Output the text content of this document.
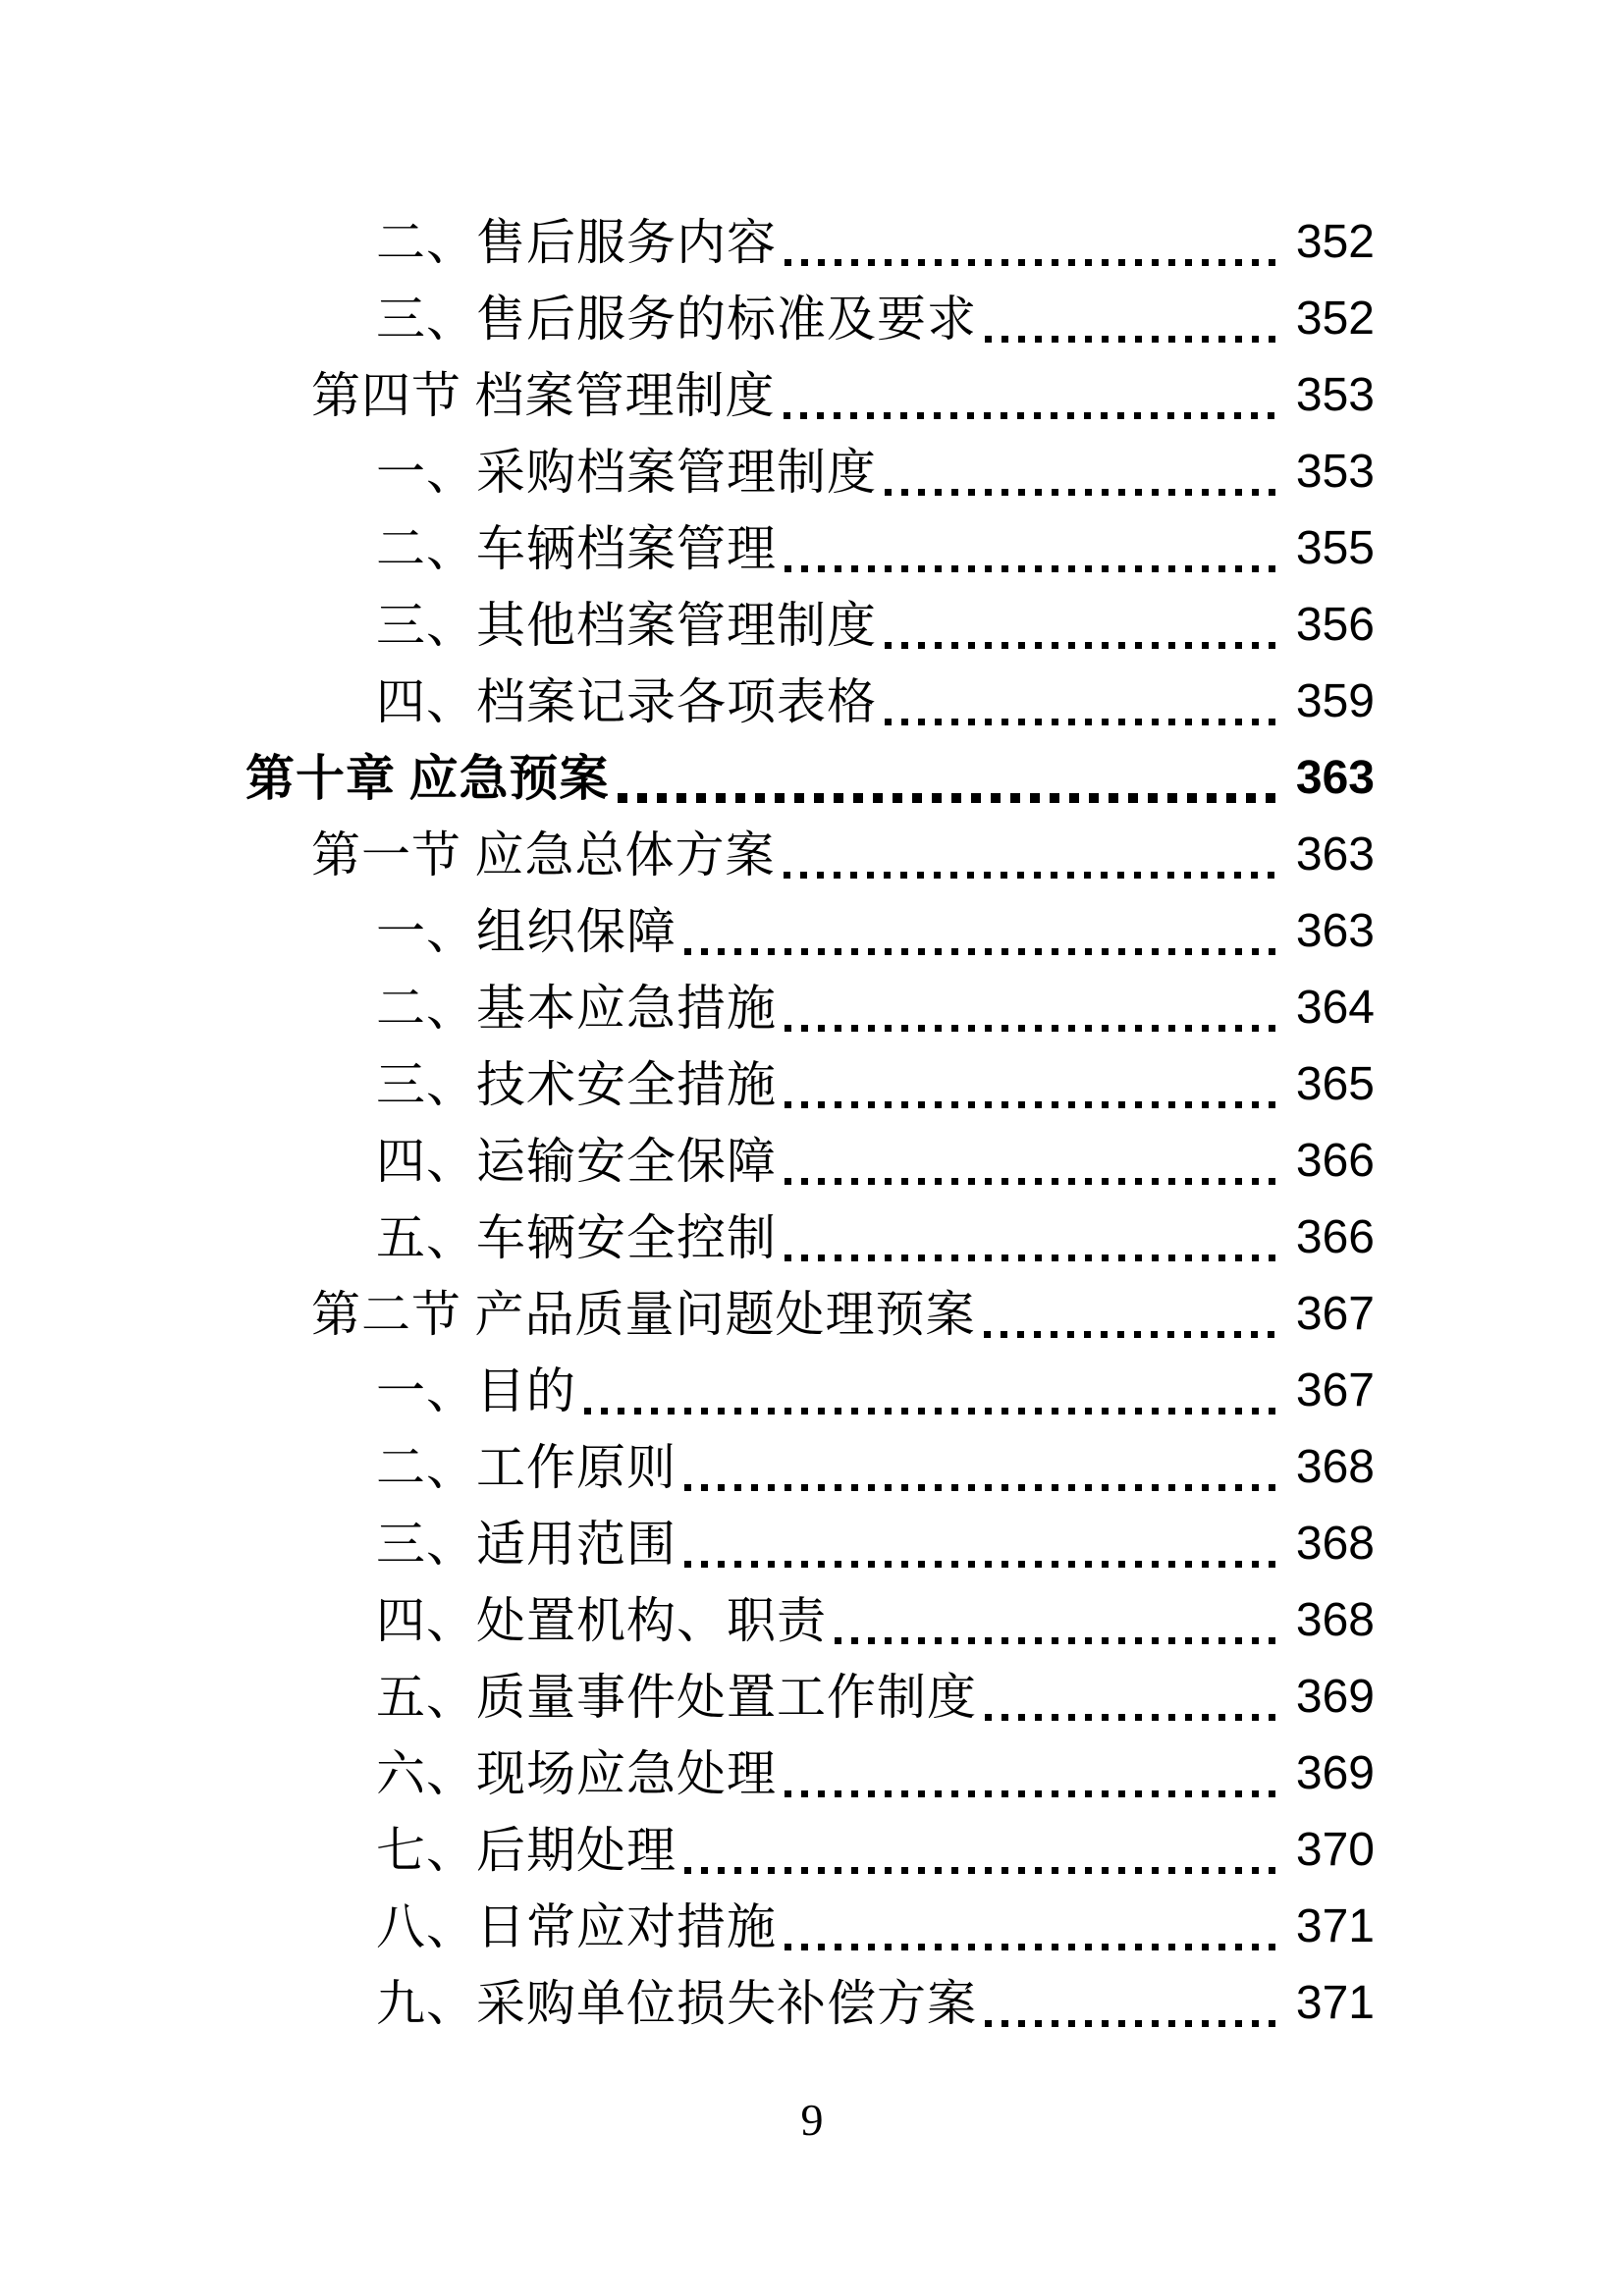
二、售后服务内容	352
三、售后服务的标准及要求	352
第四节 档案管理制度	353
一、采购档案管理制度	353
二、车辆档案管理	355
三、其他档案管理制度	356
四、档案记录各项表格	359
第十章 应急预案	363
第一节 应急总体方案	363
一、组织保障	363
二、基本应急措施	364
三、技术安全措施	365
四、运输安全保障	366
五、车辆安全控制	366
第二节 产品质量问题处理预案	367
一、目的	367
二、工作原则	368
三、适用范围	368
四、处置机构、职责	368
五、质量事件处置工作制度	369
六、现场应急处理	369
七、后期处理	370
八、日常应对措施	371
九、采购单位损失补偿方案	371
9
